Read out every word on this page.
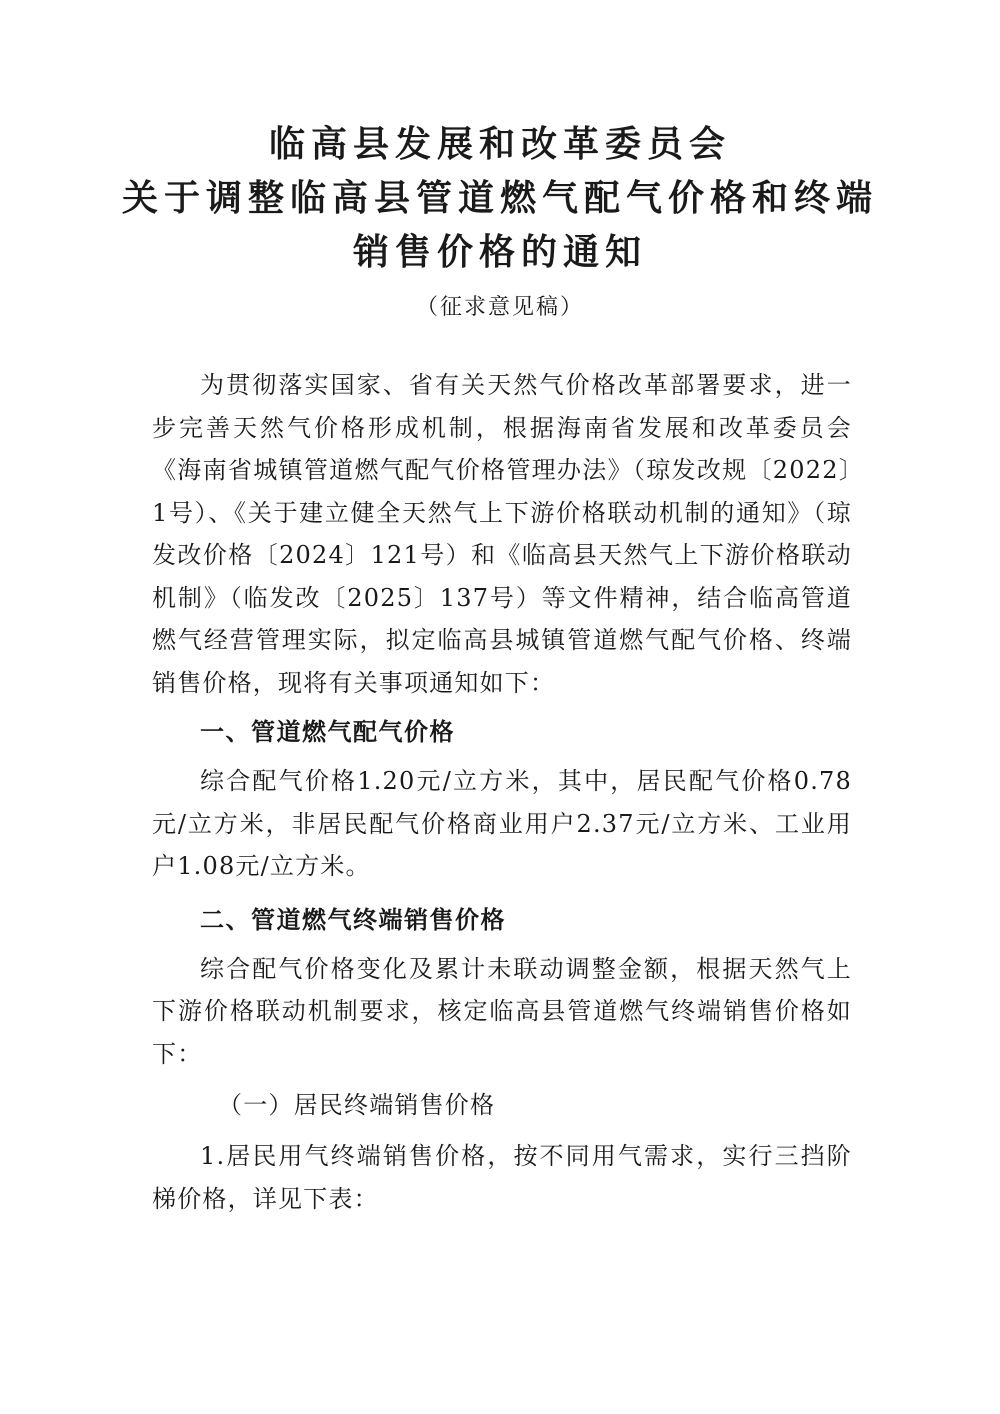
临高县发展和改革委员会

关于调整临高县管道燃气配气价格和终端

销售价格的通知

（征求意见稿）

为贯彻落实国家、省有关天然气价格改革部署要求，进一步完善天然气价格形成机制，根据海南省发展和改革委员会《海南省城镇管道燃气配气价格管理办法》（琼发改规〔2022〕1号）、《关于建立健全天然气上下游价格联动机制的通知》（琼发改价格〔2024〕121号）和《临高县天然气上下游价格联动机制》（临发改〔2025〕137号）等文件精神，结合临高管道燃气经营管理实际，拟定临高县城镇管道燃气配气价格、终端销售价格，现将有关事项通知如下：

一、管道燃气配气价格

综合配气价格1.20元/立方米，其中，居民配气价格0.78元/立方米，非居民配气价格商业用户2.37元/立方米、工业用户1.08元/立方米。

二、管道燃气终端销售价格

综合配气价格变化及累计未联动调整金额，根据天然气上下游价格联动机制要求，核定临高县管道燃气终端销售价格如下：

（一）居民终端销售价格

1.居民用气终端销售价格，按不同用气需求，实行三挡阶梯价格，详见下表：
